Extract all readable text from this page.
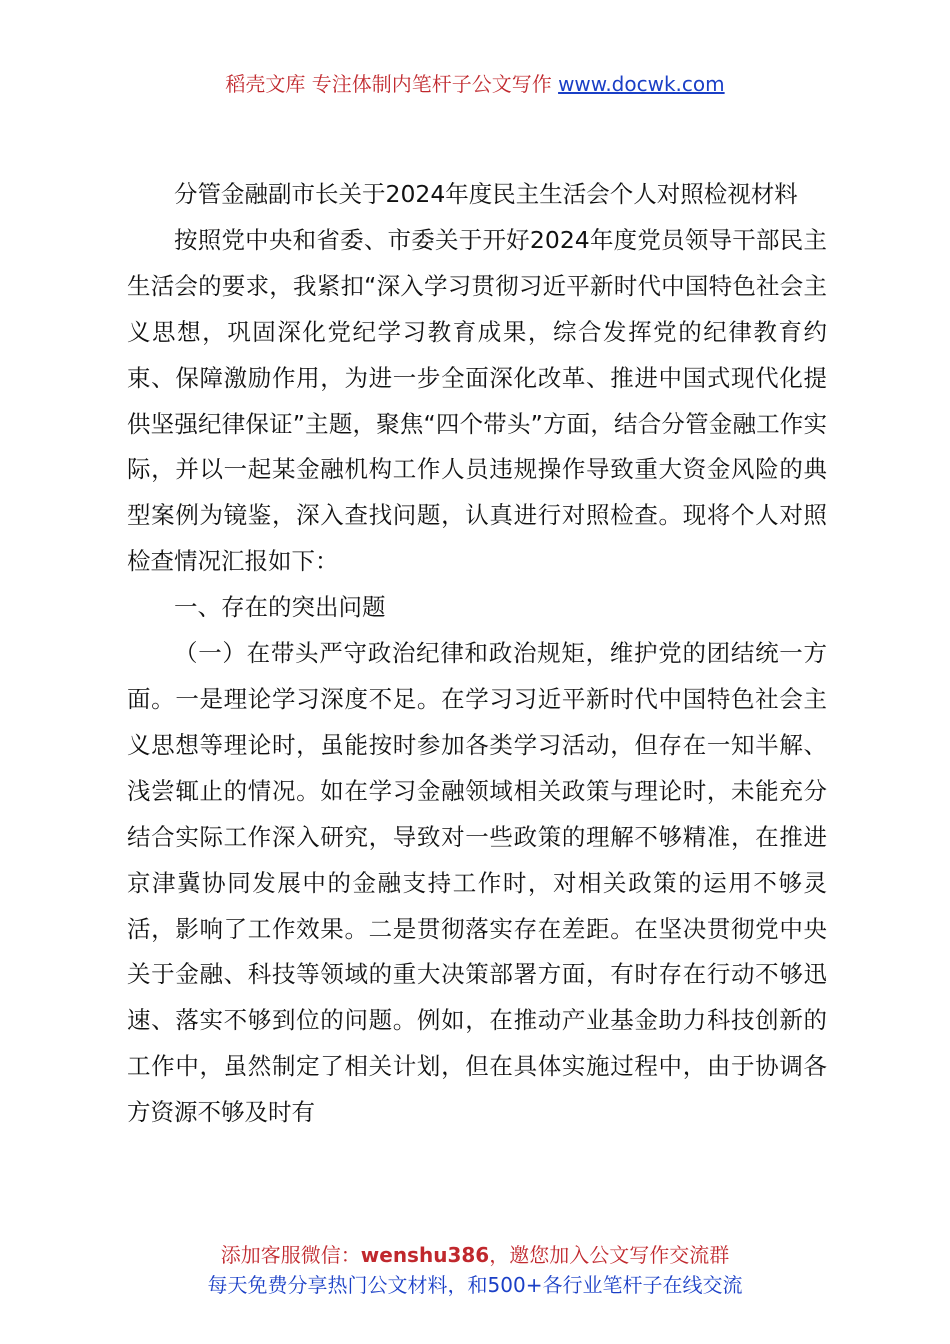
稻壳文库 专注体制内笔杆子公文写作 www.docwk.com

分管金融副市长关于2024年度民主生活会个人对照检视材料

按照党中央和省委、市委关于开好2024年度党员领导干部民主生活会的要求，我紧扣“深入学习贯彻习近平新时代中国特色社会主义思想，巩固深化党纪学习教育成果，综合发挥党的纪律教育约束、保障激励作用，为进一步全面深化改革、推进中国式现代化提供坚强纪律保证”主题，聚焦“四个带头”方面，结合分管金融工作实际，并以一起某金融机构工作人员违规操作导致重大资金风险的典型案例为镜鉴，深入查找问题，认真进行对照检查。现将个人对照检查情况汇报如下：

一、存在的突出问题

（一）在带头严守政治纪律和政治规矩，维护党的团结统一方面。一是理论学习深度不足。在学习习近平新时代中国特色社会主义思想等理论时，虽能按时参加各类学习活动，但存在一知半解、浅尝辄止的情况。如在学习金融领域相关政策与理论时，未能充分结合实际工作深入研究，导致对一些政策的理解不够精准，在推进京津冀协同发展中的金融支持工作时，对相关政策的运用不够灵活，影响了工作效果。二是贯彻落实存在差距。在坚决贯彻党中央关于金融、科技等领域的重大决策部署方面，有时存在行动不够迅速、落实不够到位的问题。例如，在推动产业基金助力科技创新的工作中，虽然制定了相关计划，但在具体实施过程中，由于协调各方资源不够及时有

添加客服微信：wenshu386，邀您加入公文写作交流群
每天免费分享热门公文材料，和500+各行业笔杆子在线交流
